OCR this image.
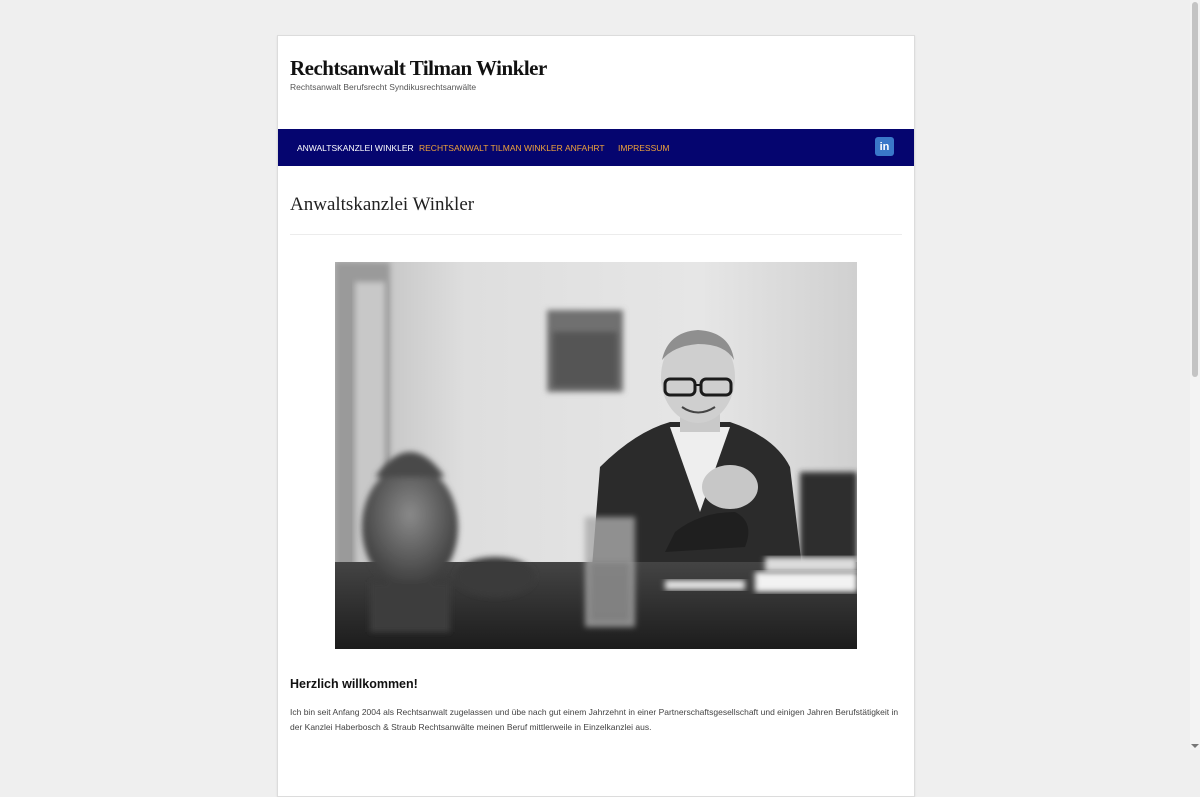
Rechtsanwalt Tilman Winkler

Rechtsanwalt Berufsrecht Syndikusrechtsanwälte

ANWALTSKANZLEI WINKLER RECHTSANWALT TILMAN WINKLER ANFAHRT IMPRESSUM	in
Anwaltskanzlei Winkler
Herzlich willkommen!

Ich bin seit Anfang 2004 als Rechtsanwalt zugelassen und übe nach gut einem Jahrzehnt in einer Partnerschaftsgesellschaft und einigen Jahren Berufstätigkeit in der Kanzlei Haberbosch & Straub Rechtsanwälte meinen Beruf mittlerweile in Einzelkanzlei aus.
